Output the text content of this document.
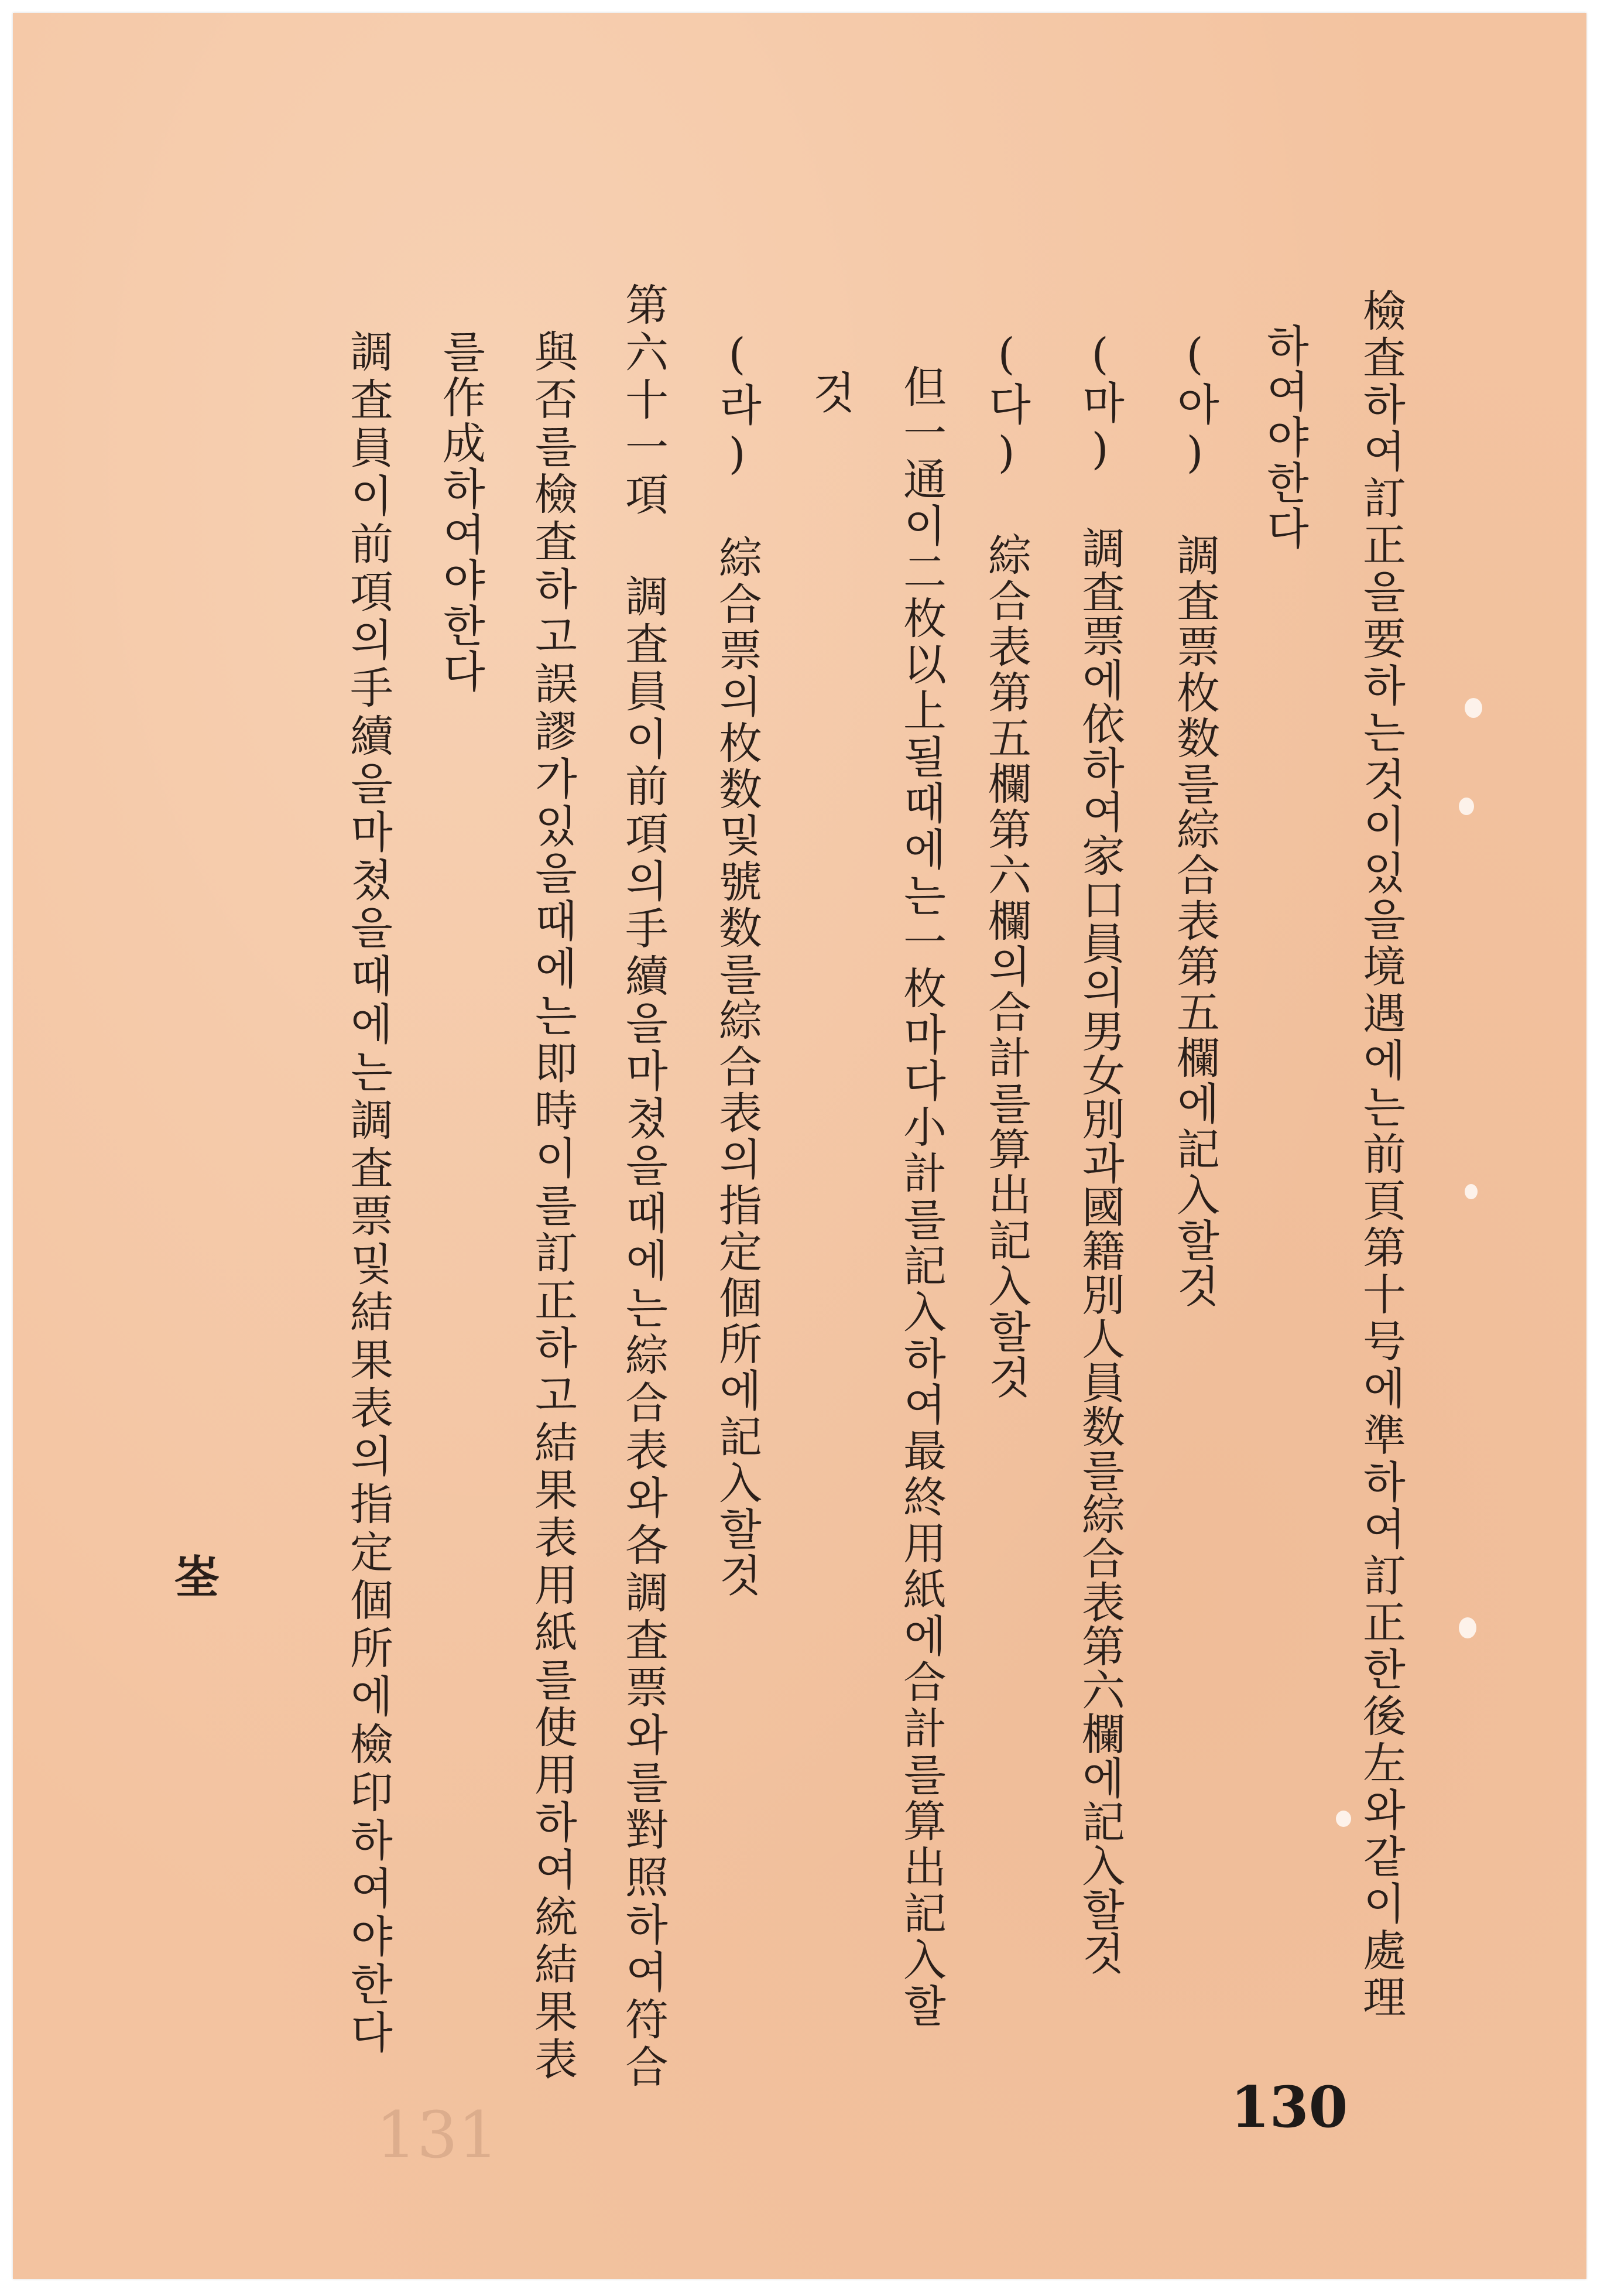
檢査하여訂正을要하는것이있을境遇에는前頁第十号에準하여訂正한後左와같이處理
하여야한다
(아) 調査票枚数를綜合表第五欄에記入할것
(마) 調査票에依하여家口員의男女別과國籍別人員数를綜合表第六欄에記入할것
(다) 綜合表第五欄第六欄의合計를算出記入할것
但一通이二枚以上될때에는一枚마다小計를記入하여最終用紙에合計를算出記入할
것
(라) 綜合票의枚数및號数를綜合表의指定個所에記入할것
第六十一項 調査員이前項의手續을마쳤을때에는綜合表와各調査票와를對照하여符合
與否를檢査하고誤謬가있을때에는即時이를訂正하고結果表用紙를使用하여統結果表
를作成하여야한다
調査員이前項의手續을마쳤을때에는調査票및結果表의指定個所에檢印하여야한다
峑
130
131
